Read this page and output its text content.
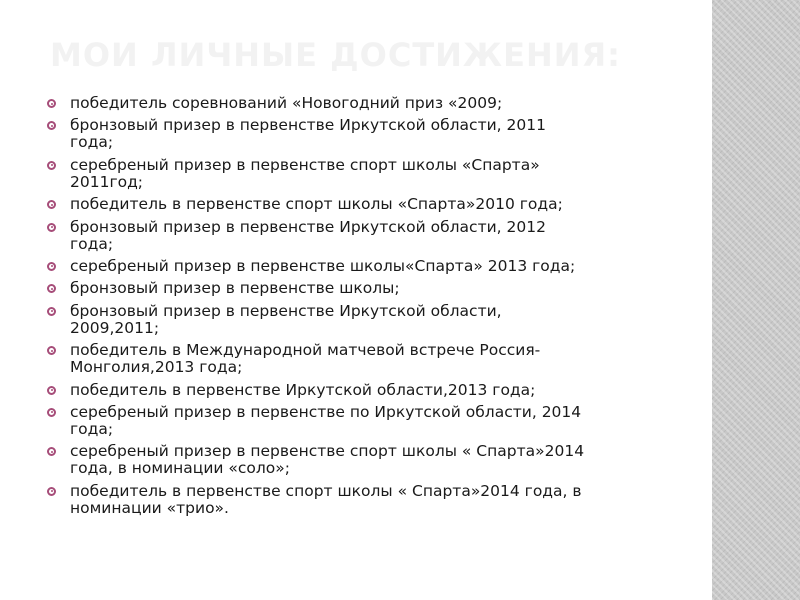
МОИ ЛИЧНЫЕ ДОСТИЖЕНИЯ:
победитель соревнований «Новогодний приз «2009;
бронзовый призер в первенстве Иркутской области, 2011
года;
серебреный призер в первенстве спорт школы «Спарта»
2011год;
победитель в первенстве спорт школы «Спарта»2010 года;
бронзовый призер в первенстве Иркутской области, 2012
года;
серебреный призер в первенстве школы«Спарта» 2013 года;
бронзовый призер в первенстве школы;
бронзовый призер в первенстве Иркутской области,
2009,2011;
победитель в Международной матчевой встрече Россия-
Монголия,2013 года;
победитель в первенстве Иркутской области,2013 года;
серебреный призер в первенстве по Иркутской области, 2014
года;
серебреный призер в первенстве спорт школы « Спарта»2014
года, в номинации «соло»;
победитель в первенстве спорт школы « Спарта»2014 года, в
номинации «трио».
